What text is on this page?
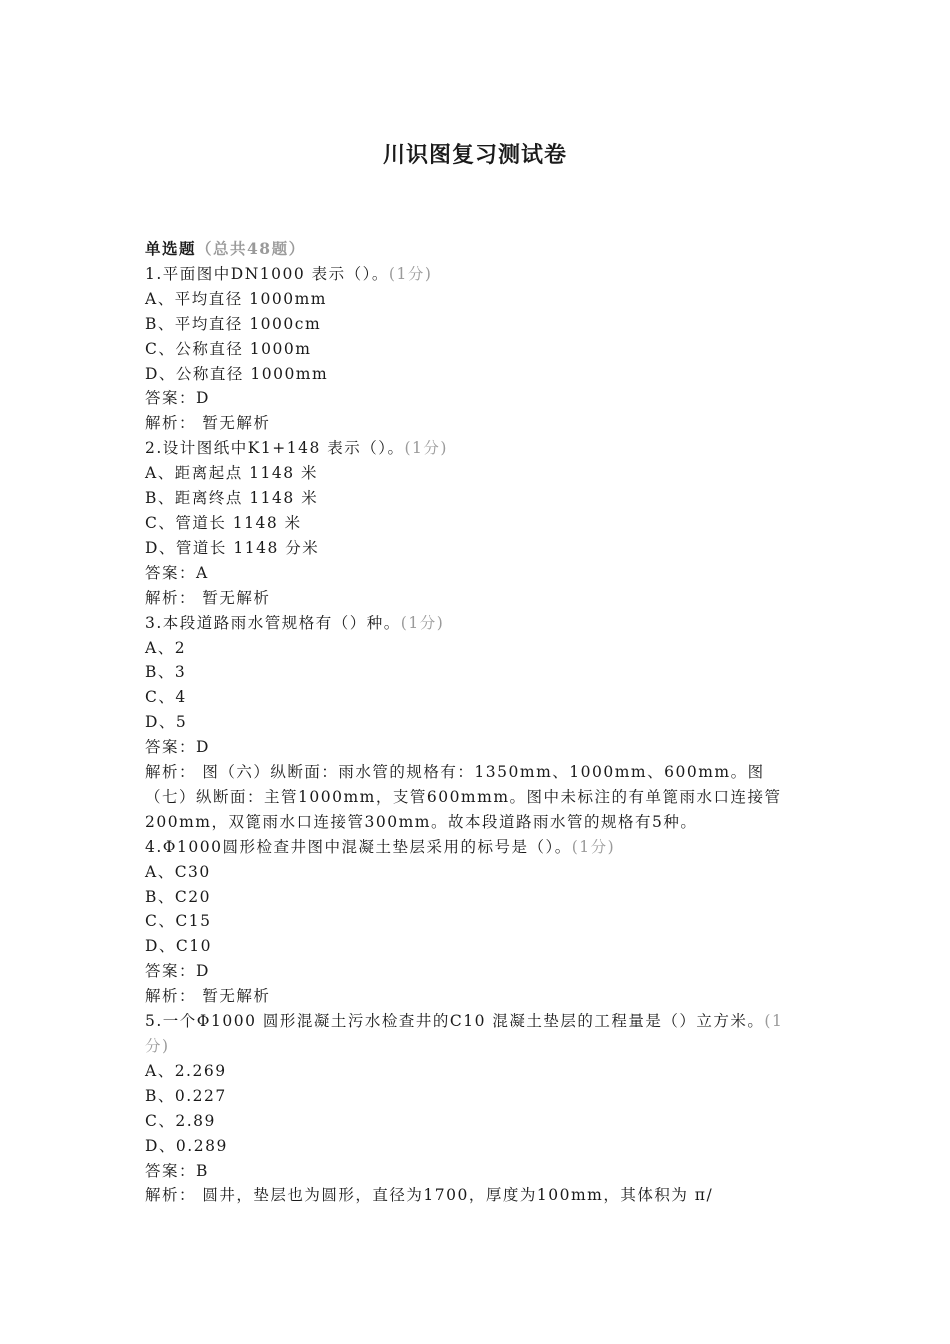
川识图复习测试卷

单选题（总共48题）

1.平面图中DN1000 表示（）。(1分)

A、平均直径 1000mm

B、平均直径 1000cm

C、公称直径 1000m

D、公称直径 1000mm

答案：D

解析： 暂无解析

2.设计图纸中K1+148 表示（）。(1分)

A、距离起点 1148 米

B、距离终点 1148 米

C、管道长 1148 米

D、管道长 1148 分米

答案：A

解析： 暂无解析

3.本段道路雨水管规格有（）种。(1分)

A、2

B、3

C、4

D、5

答案：D

解析： 图（六）纵断面：雨水管的规格有：1350mm、1000mm、600mm。图（七）纵断面：主管1000mm，支管600mmm。图中未标注的有单篦雨水口连接管200mm，双篦雨水口连接管300mm。故本段道路雨水管的规格有5种。

4.Φ1000圆形检查井图中混凝土垫层采用的标号是（）。(1分)

A、C30

B、C20

C、C15

D、C10

答案：D

解析： 暂无解析

5.一个Φ1000 圆形混凝土污水检查井的C10 混凝土垫层的工程量是（）立方米。(1分)

A、2.269

B、0.227

C、2.89

D、0.289

答案：B

解析： 圆井，垫层也为圆形，直径为1700，厚度为100mm，其体积为 π/
